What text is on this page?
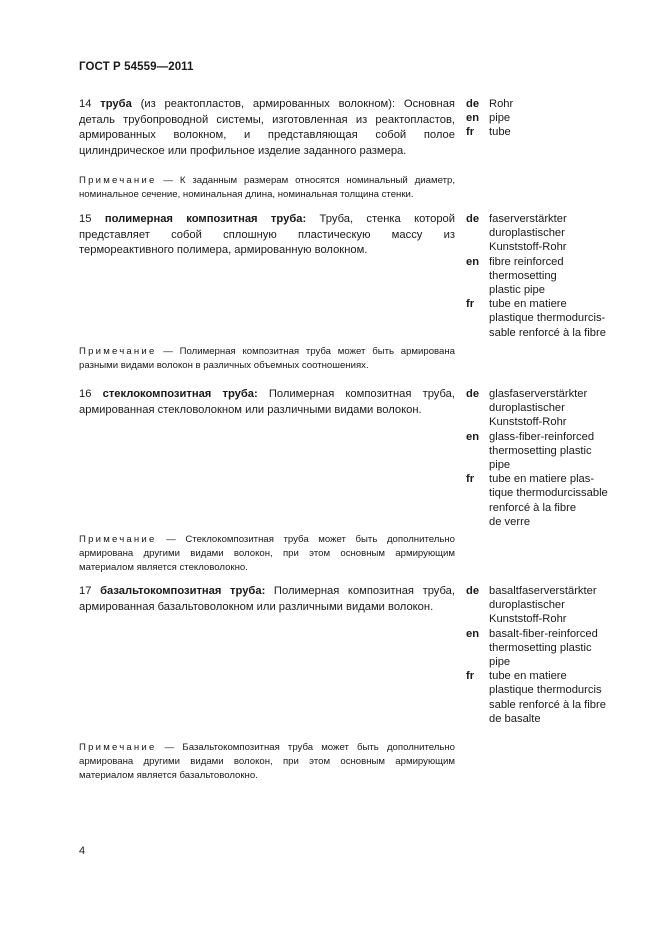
ГОСТ Р 54559—2011
14 труба (из реактопластов, армированных волокном): Основная деталь трубопроводной системы, изготовленная из реактопластов, армированных волокном, и представляющая собой полое цилиндрическое или профильное изделие заданного размера.
de Rohr
en pipe
fr	tube
Примечание — К заданным размерам относятся номинальный диаметр, номинальное сечение, номинальная длина, номинальная толщина стенки.
15 полимерная композитная труба: Труба, стенка которой представляет собой сплошную пластическую массу из термореактивного полимера, армированную волокном.
de faserverstärkter
duroplastischer
Kunststoff-Rohr
en fibre reinforced
thermosetting
plastic pipe
fr	tube en matiere
plastique thermodurcis-
sable renforcé à la fibre
Примечание — Полимерная композитная труба может быть армирована разными видами волокон в различных объемных соотношениях.
16 стеклокомпозитная труба: Полимерная композитная труба, армированная стекловолокном или различными видами волокон.
de glasfaserverstärkter
duroplastischer
Kunststoff-Rohr
en glass-fiber-reinforced
thermosetting plastic
pipe
fr	tube en matiere plas-
tique thermodurcissable
renforcé à la fibre
de verre
Примечание — Стеклокомпозитная труба может быть дополнительно армирована другими видами волокон, при этом основным армирующим материалом является стекловолокно.
17 базальтокомпозитная труба: Полимерная композитная труба, армированная базальтоволокном или различными видами волокон.
de basaltfaserverstärkter
duroplastischer
Kunststoff-Rohr
en basalt-fiber-reinforced
thermosetting plastic
pipe
fr	tube en matiere
plastique thermodurcis
sable renforcé à la fibre
de basalte
Примечание — Базальтокомпозитная труба может быть дополнительно армирована другими видами волокон, при этом основным армирующим материалом является базальтоволокно.
4
